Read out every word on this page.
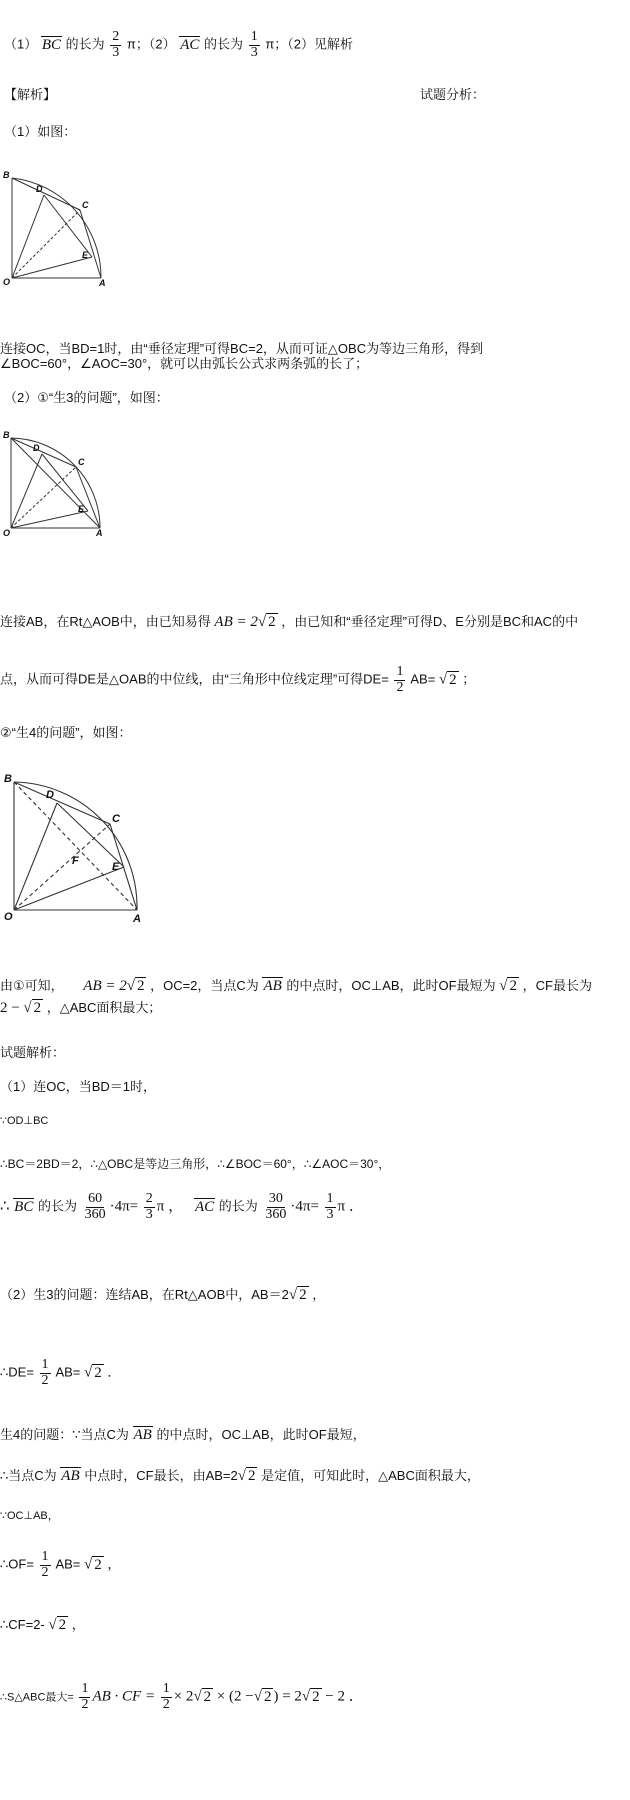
（1） BC 的长为 $\frac{2}{3}$ π；（2） AC 的长为 $\frac{1}{3}$ π；（2）见解析
【解析】	试题分析：
（1）如图：
B
D
C
E
O	A
连接OC，当BD=1时，由“垂径定理”可得BC=2，从而可证△OBC为等边三角形，得到
∠BOC=60°，∠AOC=30°，就可以由弧长公式求两条弧的长了；
（2）①“生3的问题”，如图：
B
D
C
E
O	A
连接AB，在Rt△AOB中，由已知易得 AB = 2√ 2 ，由已知和“垂径定理”可得D、E分别是BC和AC的中
点，从而可得DE是△OAB的中位线，由“三角形中位线定理”可得$DE= \frac{1}{2} AB=$ √ 2 ；
②“生4的问题”，如图：
B
D
C
E
O	A
F
由①可知， AB = 2√ 2 ，OC=2，当点C为 AB 的中点时，OC⊥AB，此时OF最短为 √ 2 ，CF最长为
2 − √ 2 ，△ABC面积最大；
试题解析：
（1）连OC，当BD＝1时，
∵OD⊥BC
∴BC＝2BD＝2，∴△OBC是等边三角形，∴∠BOC＝60°，∴∠AOC＝30°，
∴ BC 的长为 $\frac{60}{360} \cdot 4\pi= \frac{2}{3}$ π ， AC 的长为 $\frac{30}{360} \cdot 4\pi= \frac{1}{3}$ π ．
（2）生3的问题：连结AB，在Rt△AOB中，AB＝2√ 2 ，
∴DE= $\frac{1}{2} AB=$ √ 2 ．
生4的问题：∵当点C为 AB 的中点时，OC⊥AB，此时OF最短，
∴当点C为 AB 中点时，CF最长，由AB=2√ 2 是定值，可知此时，△ABC面积最大，
∵OC⊥AB，
∴OF= $\frac{1}{2} AB=$ √ 2 ，
∴CF=2- √ 2 ，
∴S△ABC最大= $\frac{1}{2}$ AB · CF = $\frac{1}{2} \times 2√$ 2 × (2 −√ 2 ) = 2√ 2 − 2 ．
